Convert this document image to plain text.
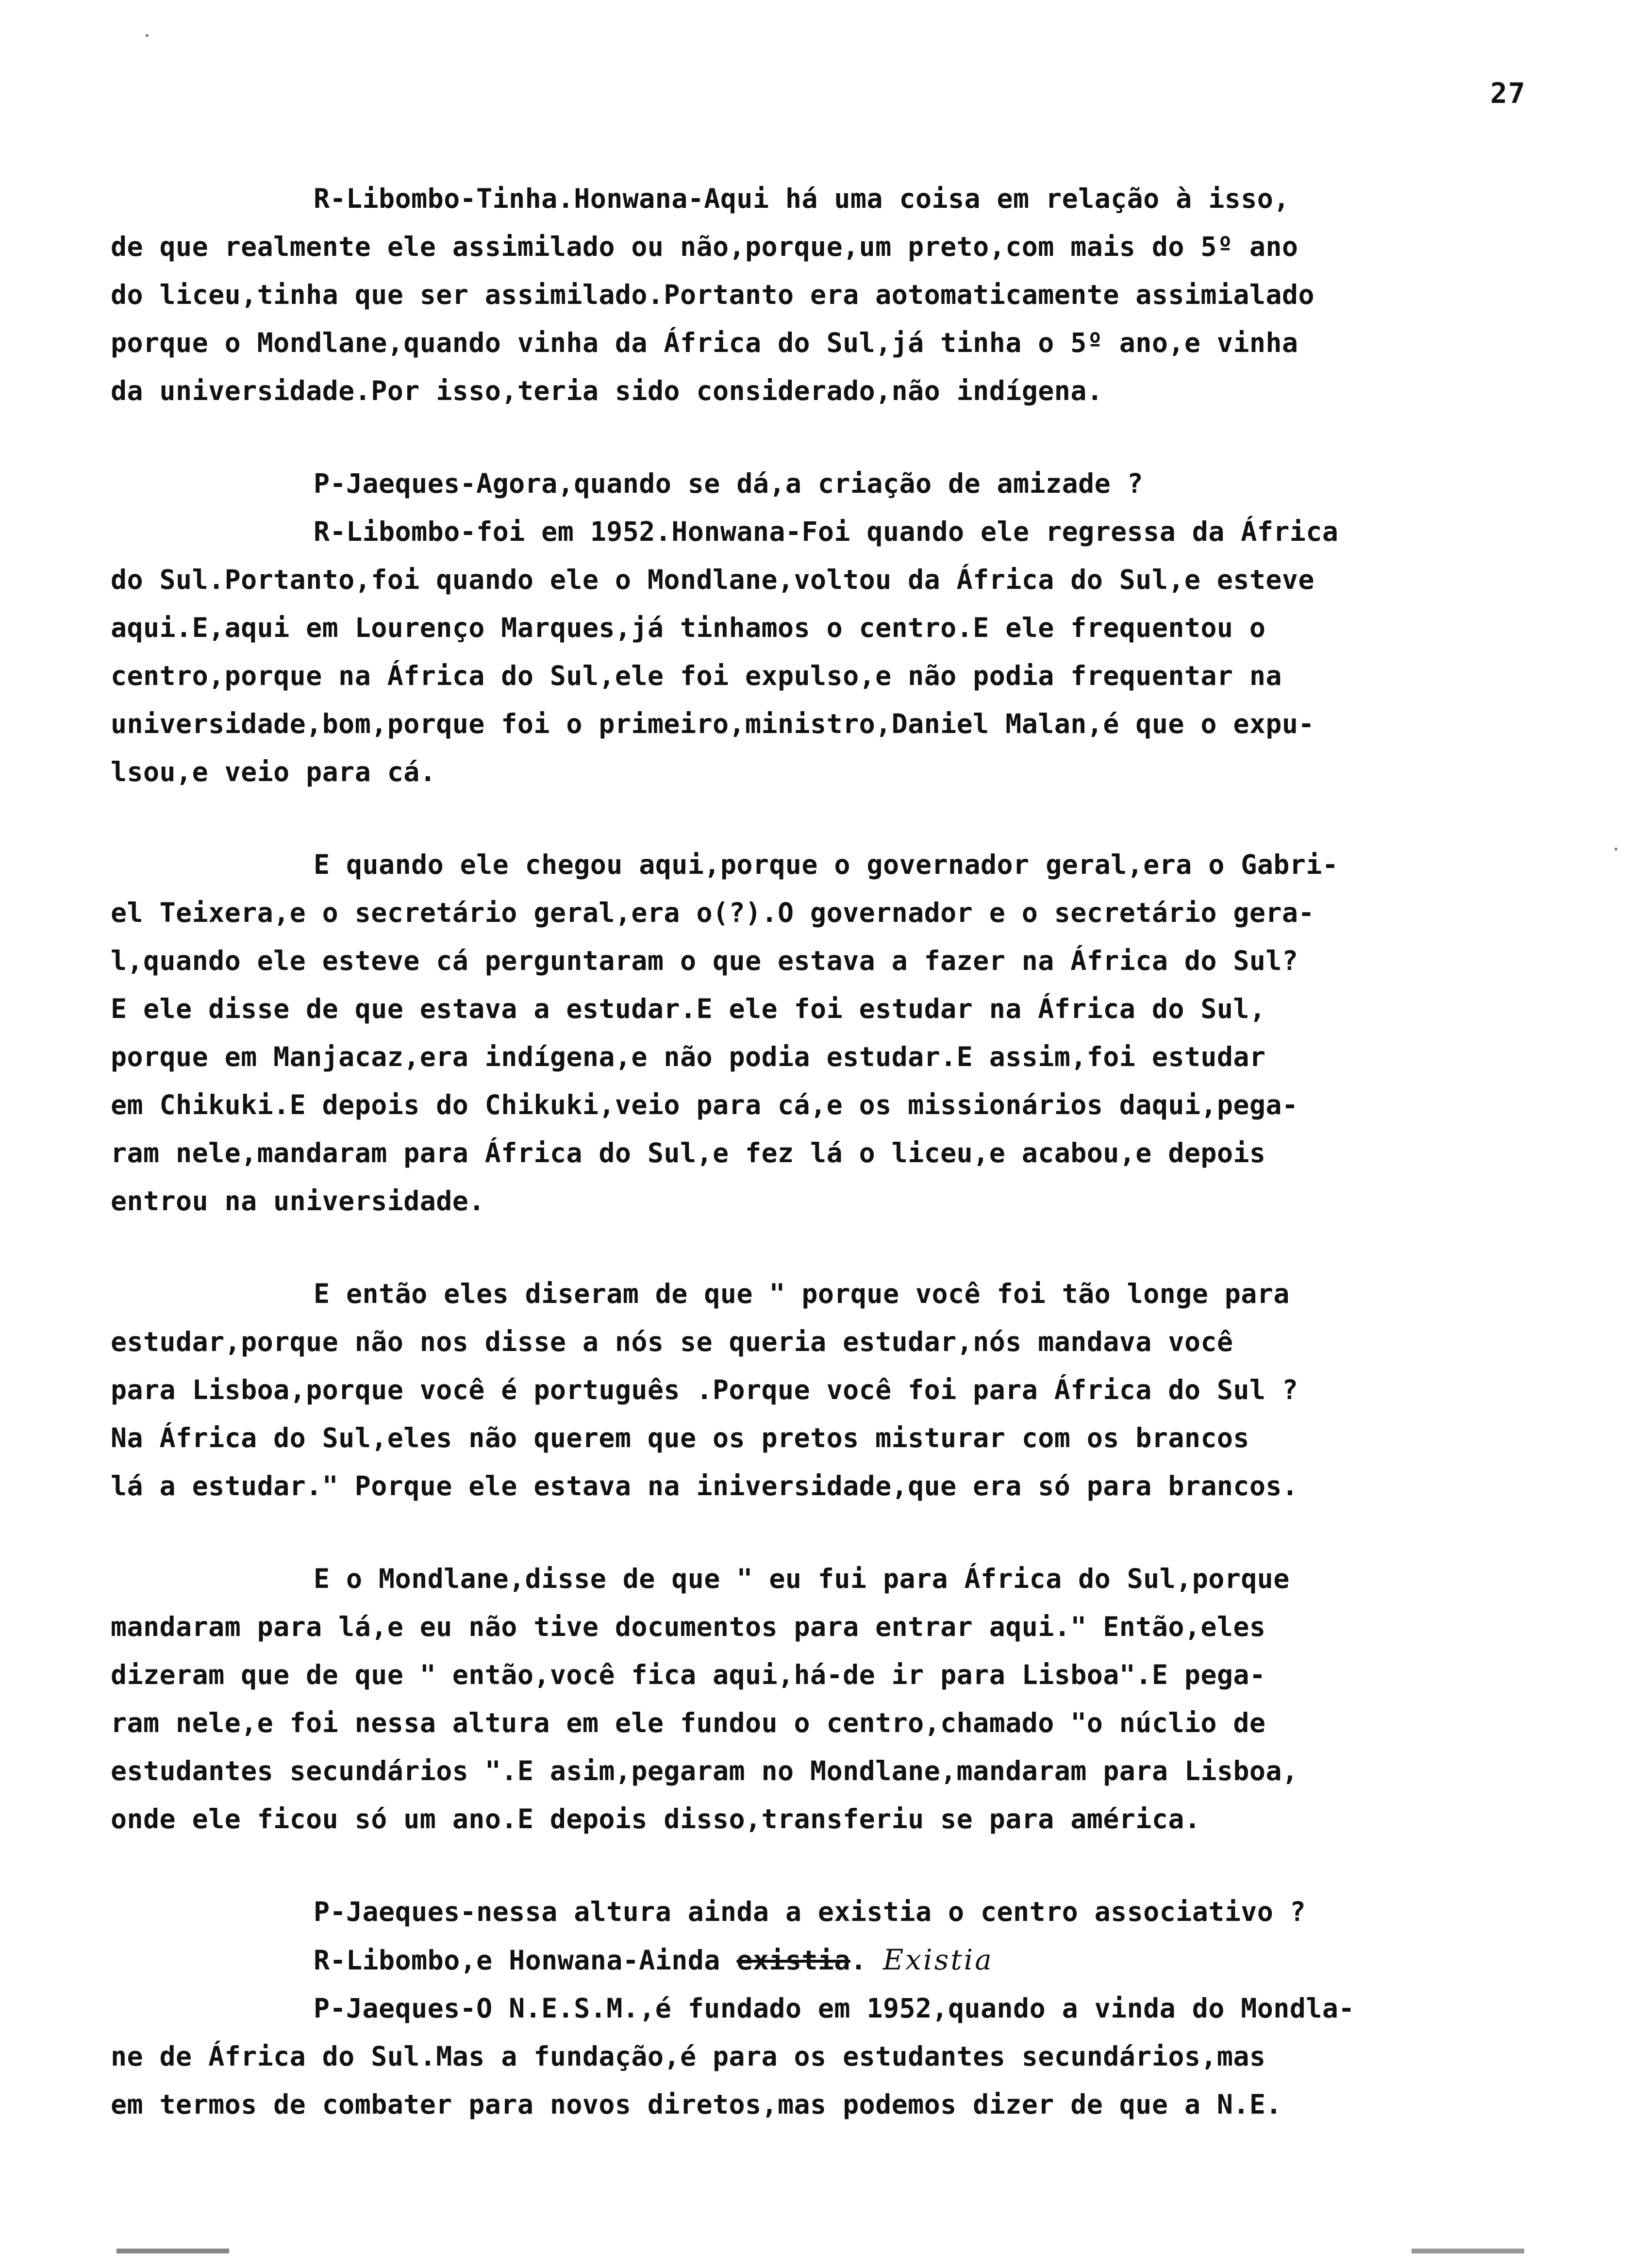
27

R-Libombo-Tinha.Honwana-Aqui há uma coisa em relação à isso,
de que realmente ele assimilado ou não,porque,um preto,com mais do 5º ano
do liceu,tinha que ser assimilado.Portanto era aotomaticamente assimialado
porque o Mondlane,quando vinha da África do Sul,já tinha o 5º ano,e vinha
da universidade.Por isso,teria sido considerado,não indígena.

P-Jaeques-Agora,quando se dá,a criação de amizade ?
R-Libombo-foi em 1952.Honwana-Foi quando ele regressa da África
do Sul.Portanto,foi quando ele o Mondlane,voltou da África do Sul,e esteve
aqui.E,aqui em Lourenço Marques,já tinhamos o centro.E ele frequentou o
centro,porque na África do Sul,ele foi expulso,e não podia frequentar na
universidade,bom,porque foi o primeiro,ministro,Daniel Malan,é que o expu-
lsou,e veio para cá.

E quando ele chegou aqui,porque o governador geral,era o Gabri-
el Teixera,e o secretário geral,era o(?).O governador e o secretário gera-
l,quando ele esteve cá perguntaram o que estava a fazer na África do Sul?
E ele disse de que estava a estudar.E ele foi estudar na África do Sul,
porque em Manjacaz,era indígena,e não podia estudar.E assim,foi estudar
em Chikuki.E depois do Chikuki,veio para cá,e os missionários daqui,pega-
ram nele,mandaram para África do Sul,e fez lá o liceu,e acabou,e depois
entrou na universidade.

E então eles diseram de que " porque você foi tão longe para
estudar,porque não nos disse a nós se queria estudar,nós mandava você
para Lisboa,porque você é português .Porque você foi para África do Sul ?
Na África do Sul,eles não querem que os pretos misturar com os brancos
lá a estudar." Porque ele estava na iniversidade,que era só para brancos.

E o Mondlane,disse de que " eu fui para África do Sul,porque
mandaram para lá,e eu não tive documentos para entrar aqui." Então,eles
dizeram que de que " então,você fica aqui,há-de ir para Lisboa".E pega-
ram nele,e foi nessa altura em ele fundou o centro,chamado "o núclio de
estudantes secundários ".E asim,pegaram no Mondlane,mandaram para Lisboa,
onde ele ficou só um ano.E depois disso,transferiu se para américa.

P-Jaeques-nessa altura ainda a existia o centro associativo ?
R-Libombo,e Honwana-Ainda existia. Existia
P-Jaeques-O N.E.S.M.,é fundado em 1952,quando a vinda do Mondla-
ne de África do Sul.Mas a fundação,é para os estudantes secundários,mas
em termos de combater para novos diretos,mas podemos dizer de que a N.E.
